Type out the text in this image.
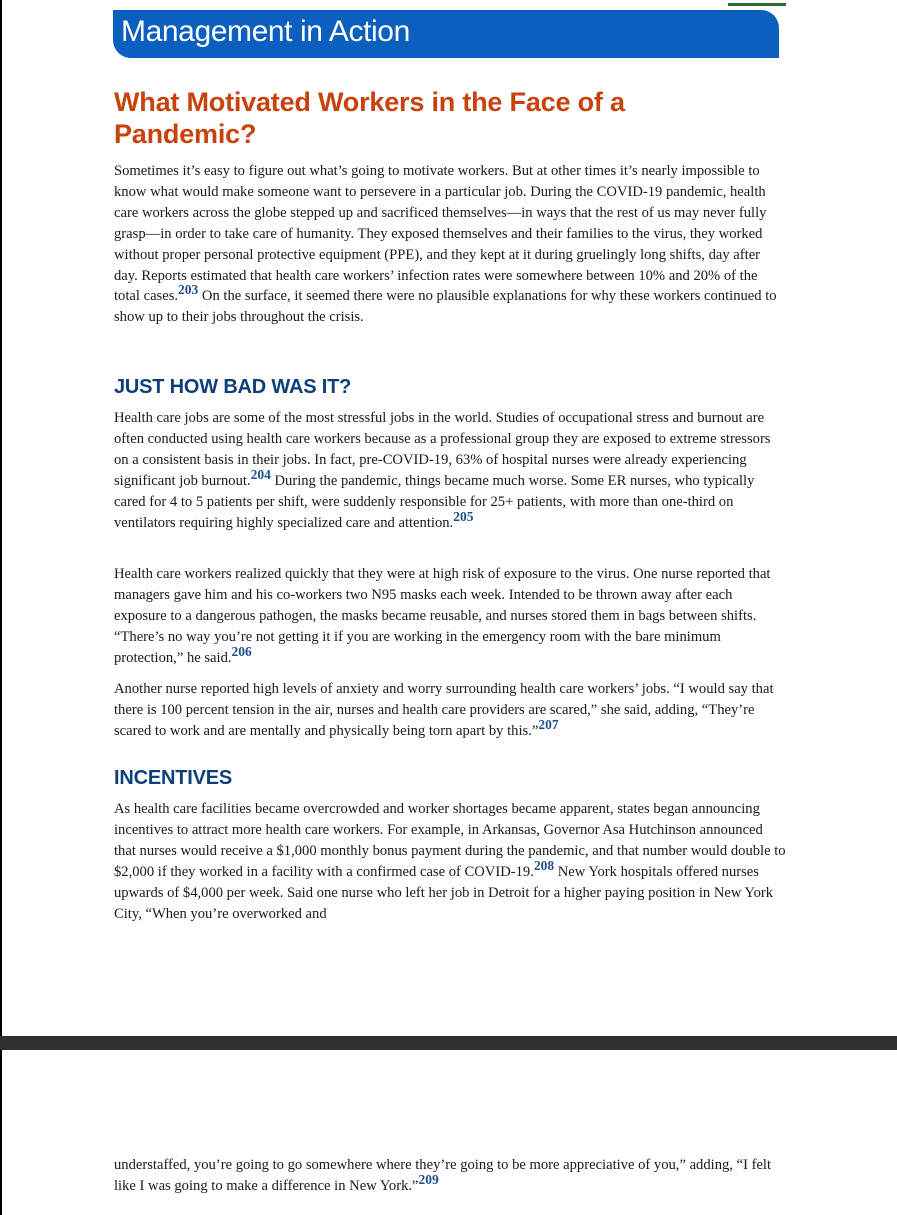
Management in Action
What Motivated Workers in the Face of a Pandemic?

Sometimes it’s easy to figure out what’s going to motivate workers. But at other times it’s nearly impossible to know what would make someone want to persevere in a particular job. During the COVID-19 pandemic, health care workers across the globe stepped up and sacrificed themselves—in ways that the rest of us may never fully grasp—in order to take care of humanity. They exposed themselves and their families to the virus, they worked without proper personal protective equipment (PPE), and they kept at it during gruelingly long shifts, day after day. Reports estimated that health care workers’ infection rates were somewhere between 10% and 20% of the total cases.$^{203}$ On the surface, it seemed there were no plausible explanations for why these workers continued to show up to their jobs throughout the crisis.

JUST HOW BAD WAS IT?

Health care jobs are some of the most stressful jobs in the world. Studies of occupational stress and burnout are often conducted using health care workers because as a professional group they are exposed to extreme stressors on a consistent basis in their jobs. In fact, pre-COVID-19, 63% of hospital nurses were already experiencing significant job burnout.$^{204}$ During the pandemic, things became much worse. Some ER nurses, who typically cared for 4 to 5 patients per shift, were suddenly responsible for 25+ patients, with more than one-third on ventilators requiring highly specialized care and attention.$^{205}$

Health care workers realized quickly that they were at high risk of exposure to the virus. One nurse reported that managers gave him and his co-workers two N95 masks each week. Intended to be thrown away after each exposure to a dangerous pathogen, the masks became reusable, and nurses stored them in bags between shifts. “There’s no way you’re not getting it if you are working in the emergency room with the bare minimum protection,” he said.$^{206}$

Another nurse reported high levels of anxiety and worry surrounding health care workers’ jobs. “I would say that there is 100 percent tension in the air, nurses and health care providers are scared,” she said, adding, “They’re scared to work and are mentally and physically being torn apart by this.”$^{207}$

INCENTIVES

As health care facilities became overcrowded and worker shortages became apparent, states began announcing incentives to attract more health care workers. For example, in Arkansas, Governor Asa Hutchinson announced that nurses would receive a $1,000 monthly bonus payment during the pandemic, and that number would double to $2,000 if they worked in a facility with a confirmed case of COVID-19.$^{208}$ New York hospitals offered nurses upwards of $4,000 per week. Said one nurse who left her job in Detroit for a higher paying position in New York City, “When you’re overworked and

understaffed, you’re going to go somewhere where they’re going to be more appreciative of you,” adding, “I felt like I was going to make a difference in New York.”$^{209}$
